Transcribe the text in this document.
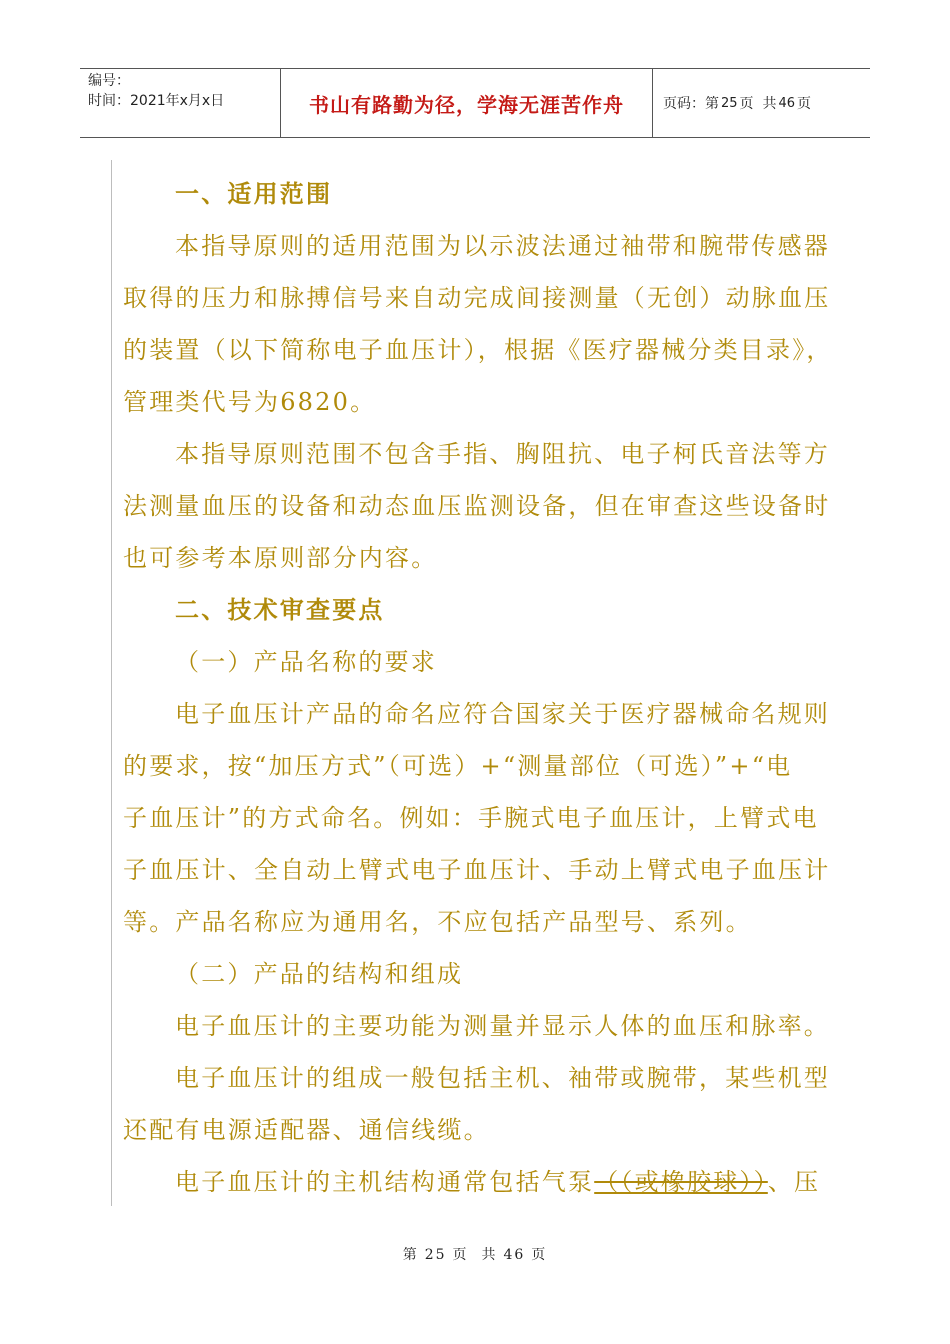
编号：
时间：2021年x月x日	书山有路勤为径，学海无涯苦作舟	页码：第 25 页  共 46 页
一、适用范围
本指导原则的适用范围为以示波法通过袖带和腕带传感器
取得的压力和脉搏信号来自动完成间接测量（无创）动脉血压
的装置（以下简称电子血压计），根据《医疗器械分类目录》，
管理类代号为6820。
本指导原则范围不包含手指、胸阻抗、电子柯氏音法等方
法测量血压的设备和动态血压监测设备，但在审查这些设备时
也可参考本原则部分内容。
二、技术审查要点
（一）产品名称的要求
电子血压计产品的命名应符合国家关于医疗器械命名规则
的要求，按“加压方式”（可选）+“测量部位（可选）”+“电
子血压计”的方式命名。例如：手腕式电子血压计，上臂式电
子血压计、全自动上臂式电子血压计、手动上臂式电子血压计
等。产品名称应为通用名，不应包括产品型号、系列。
（二）产品的结构和组成
电子血压计的主要功能为测量并显示人体的血压和脉率。
电子血压计的组成一般包括主机、袖带或腕带，某些机型
还配有电源适配器、通信线缆。
电子血压计的主机结构通常包括气泵（（或橡胶球））、压
第 25 页  共 46 页
